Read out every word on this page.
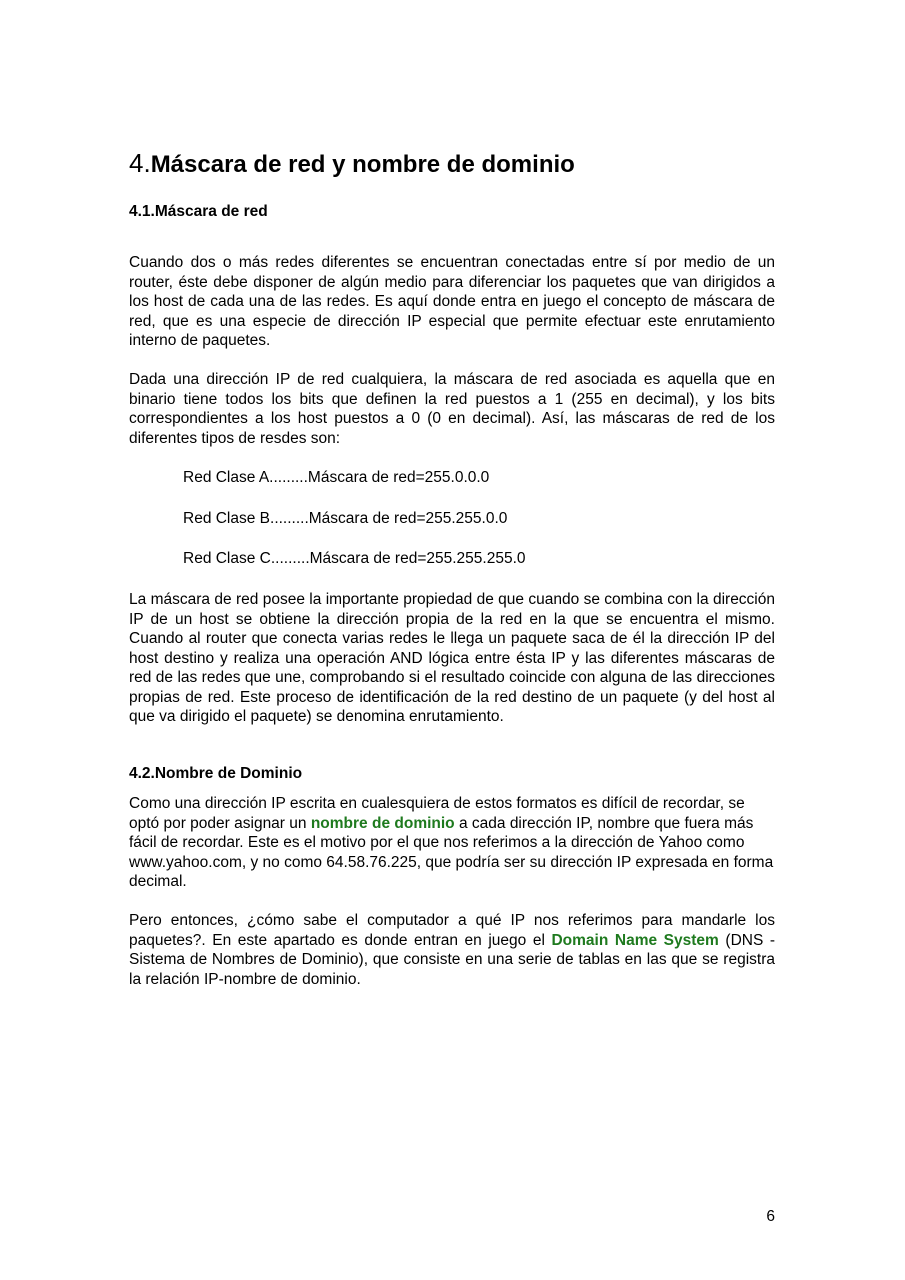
4.Máscara de red y nombre de dominio
4.1.Máscara de red

Cuando dos o más redes diferentes se encuentran conectadas entre sí por medio de un router, éste debe disponer de algún medio para diferenciar los paquetes que van dirigidos a los host de cada una de las redes. Es aquí donde entra en juego el concepto de máscara de red, que es una especie de dirección IP especial que permite efectuar este enrutamiento interno de paquetes.

Dada una dirección IP de red cualquiera, la máscara de red asociada es aquella que en binario tiene todos los bits que definen la red puestos a 1 (255 en decimal), y los bits correspondientes a los host puestos a 0 (0 en decimal). Así, las máscaras de red de los diferentes tipos de resdes son:

Red Clase A.........Máscara de red=255.0.0.0

Red Clase B.........Máscara de red=255.255.0.0

Red Clase C.........Máscara de red=255.255.255.0

La máscara de red posee la importante propiedad de que cuando se combina con la dirección IP de un host se obtiene la dirección propia de la red en la que se encuentra el mismo. Cuando al router que conecta varias redes le llega un paquete saca de él la dirección IP del host destino y realiza una operación AND lógica entre ésta IP y las diferentes máscaras de red de las redes que une, comprobando si el resultado coincide con alguna de las direcciones propias de red. Este proceso de identificación de la red destino de un paquete (y del host al que va dirigido el paquete) se denomina enrutamiento.

4.2.Nombre de Dominio

Como una dirección IP escrita en cualesquiera de estos formatos es difícil de recordar, se optó por poder asignar un nombre de dominio a cada dirección IP, nombre que fuera más fácil de recordar. Este es el motivo por el que nos referimos a la dirección de Yahoo como www.yahoo.com, y no como 64.58.76.225, que podría ser su dirección IP expresada en forma decimal.

Pero entonces, ¿cómo sabe el computador a qué IP nos referimos para mandarle los paquetes?. En este apartado es donde entran en juego el Domain Name System (DNS - Sistema de Nombres de Dominio), que consiste en una serie de tablas en las que se registra la relación IP-nombre de dominio.

6
